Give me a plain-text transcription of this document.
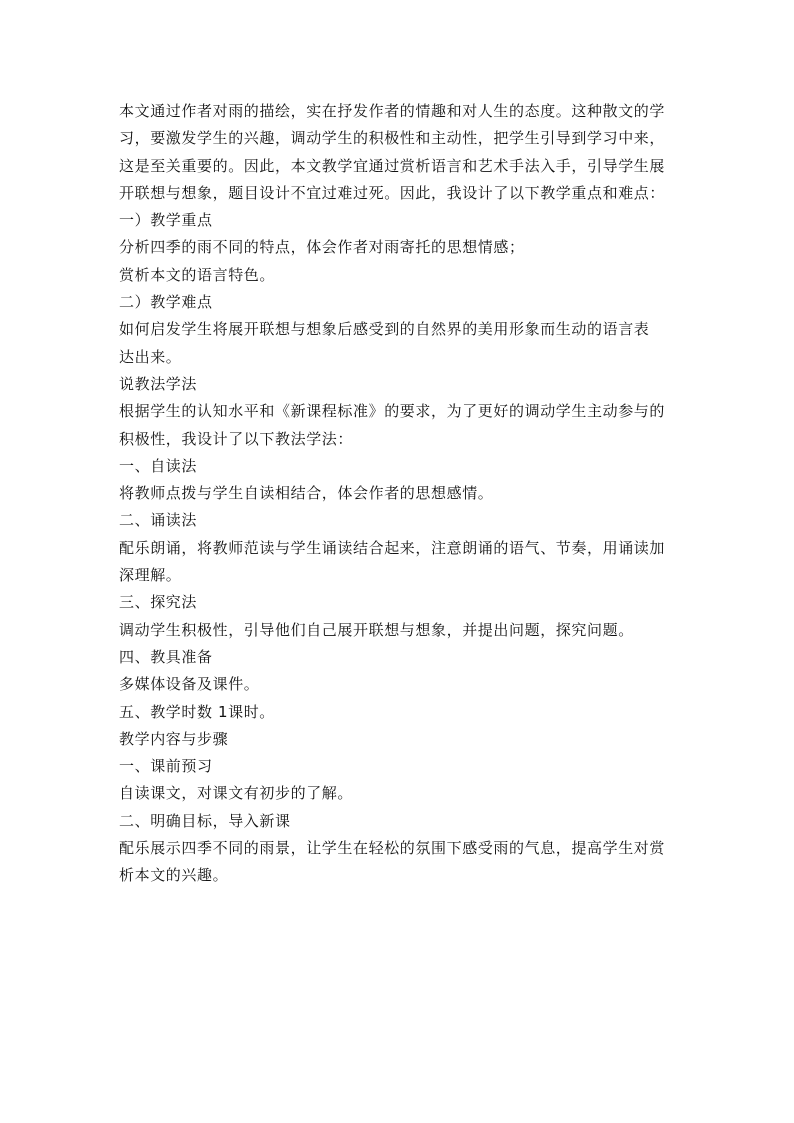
本文通过作者对雨的描绘，实在抒发作者的情趣和对人生的态度。这种散文的学
习，要激发学生的兴趣，调动学生的积极性和主动性，把学生引导到学习中来，
这是至关重要的。因此，本文教学宜通过赏析语言和艺术手法入手，引导学生展
开联想与想象，题目设计不宜过难过死。因此，我设计了以下教学重点和难点：
一）教学重点
分析四季的雨不同的特点，体会作者对雨寄托的思想情感；
赏析本文的语言特色。
二）教学难点
如何启发学生将展开联想与想象后感受到的自然界的美用形象而生动的语言表
达出来。
说教法学法
根据学生的认知水平和《新课程标准》的要求，为了更好的调动学生主动参与的
积极性，我设计了以下教法学法：
一、自读法
将教师点拨与学生自读相结合，体会作者的思想感情。
二、诵读法
配乐朗诵，将教师范读与学生诵读结合起来，注意朗诵的语气、节奏，用诵读加
深理解。
三、探究法
调动学生积极性，引导他们自己展开联想与想象，并提出问题，探究问题。
四、教具准备
多媒体设备及课件。
五、教学时数 1课时。
教学内容与步骤
一、课前预习
自读课文，对课文有初步的了解。
二、明确目标，导入新课
配乐展示四季不同的雨景，让学生在轻松的氛围下感受雨的气息，提高学生对赏
析本文的兴趣。
